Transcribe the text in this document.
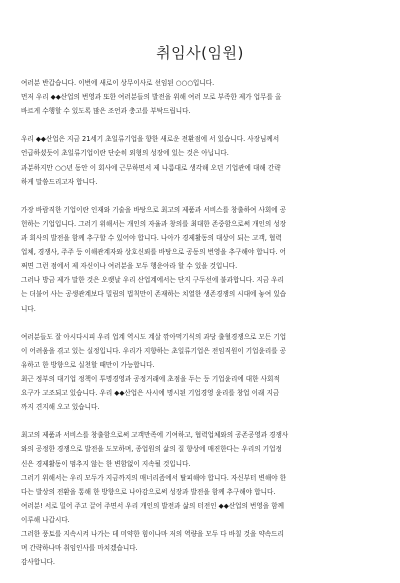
취임사(임원)
여러분 반갑습니다. 이번에 새로이 상무이사로 선임된 ○○○입니다.
먼저 우리 ◆◆산업의 번영과 또한 여러분들의 발전을 위해 여러 모로 부족한 제가 업무를 올
바르게 수행할 수 있도록 많은 조언과 충고를 부탁드립니다.
우리 ◆◆산업은 지금 21세기 초일류기업을 향한 새로운 전환점에 서 있습니다. 사장님께서
언급하셨듯이 초일류기업이란 단순히 외형의 성장에 있는 것은 아닙니다.
과분하지만 ○○년 동안 이 회사에 근무하면서 제 나름대로 생각해 오던 기업관에 대해 간략
하게 말씀드리고자 합니다.
가장 바람직한 기업이란 인재와 기술을 바탕으로 최고의 제품과 서비스를 창출하여 사회에 공
헌하는 기업입니다. 그러기 위해서는 개인의 자율과 창의를 최대한 존중함으로써 개인의 성장
과 회사의 발전을 함께 추구할 수 있어야 합니다. 나아가 경제활동의 대상이 되는 고객, 협력
업체, 경쟁사, 주주 등 이해관계자와 상호신뢰를 바탕으로 공동의 번영을 추구해야 합니다. 어
쩌면 그런 점에서 제 자신이나 여러분을 모두 행운아라 할 수 있을 것입니다.
그러나 방금 제가 말한 것은 오랫날 우리 산업계에서는 단지 구두선에 불과합니다. 지금 우리
는 더불어 사는 공생관계보다 밀림의 법칙만이 존재하는 치열한 생존경쟁의 시대에 놓여 있습
니다.
여러분들도 잘 아시다시피 우리 업계 역시도 계살 깎아먹기식의 과당 출혈경쟁으로 모든 기업
이 어려움을 겪고 있는 실정입니다. 우리가 지향하는 초일류기업은 전임직원이 기업윤리를 공
유하고 한 방향으로 실천할 때만이 가능합니다.
최근 정부의 대기업 정책이 투명경영과 공정거래에 초점을 두는 등 기업윤리에 대한 사회적
요구가 고조되고 있습니다. 우리 ◆◆산업은 사시에 명시된 기업경영 윤리를 창업 이래 지금
까지 견지해 오고 있습니다.
최고의 제품과 서비스를 창출함으로써 고객만족에 기여하고, 협력업체와의 공존공영과 경쟁사
와의 공정한 경쟁으로 발전을 도모하며, 종업원의 삶의 질 향상에 매진한다는 우리의 기업정
신은 경제활동이 멈추지 않는 한 변함없이 지속될 것입니다.
그러기 위해서는 우리 모두가 지금까지의 매너리즘에서 탈피해야 합니다. 자신부터 변해야 한
다는 발상의 전환을 통해 한 방향으로 나아감으로써 성장과 발전을 함께 추구해야 합니다.
여러분! 서로 밀어 주고 끌어 주면서 우리 개인의 발전과 삶의 터전인 ◆◆산업의 번영을 함께
이루해 나갑시다.
그러한 풍토를 지속시켜 나가는 데 미약한 힘이나마 저의 역량을 모두 다 바칠 것을 약속드리
며 간략하나마 취임인사를 마치겠습니다.
감사합니다.
